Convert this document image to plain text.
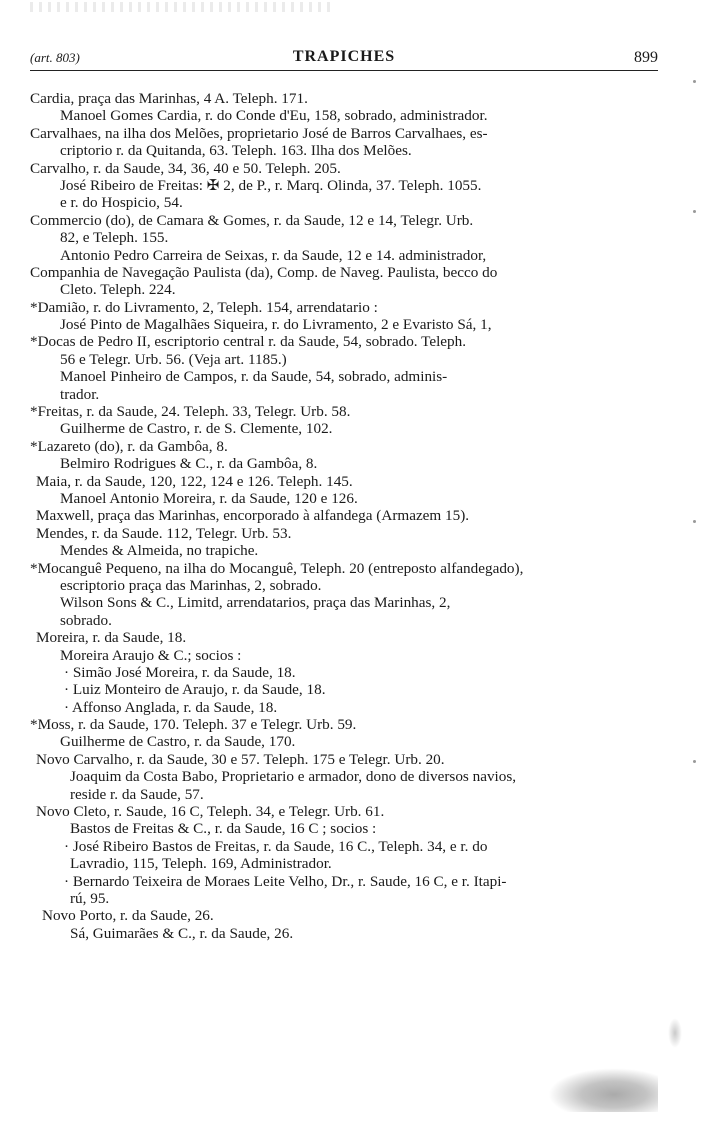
(art. 803)	TRAPICHES	899
Cardia, praça das Marinhas, 4 A. Teleph. 171.
Manoel Gomes Cardia, r. do Conde d'Eu, 158, sobrado, administrador.
Carvalhaes, na ilha dos Melões, proprietario José de Barros Carvalhaes, es-
criptorio r. da Quitanda, 63. Teleph. 163. Ilha dos Melões.
Carvalho, r. da Saude, 34, 36, 40 e 50. Teleph. 205.
José Ribeiro de Freitas: ✠ 2, de P., r. Marq. Olinda, 37. Teleph. 1055.
e r. do Hospicio, 54.
Commercio (do), de Camara & Gomes, r. da Saude, 12 e 14, Telegr. Urb.
82, e Teleph. 155.
Antonio Pedro Carreira de Seixas, r. da Saude, 12 e 14. administrador,
Companhia de Navegação Paulista (da), Comp. de Naveg. Paulista, becco do
Cleto. Teleph. 224.
*Damião, r. do Livramento, 2, Teleph. 154, arrendatario :
José Pinto de Magalhães Siqueira, r. do Livramento, 2 e Evaristo Sá, 1,
*Docas de Pedro II, escriptorio central r. da Saude, 54, sobrado. Teleph.
56 e Telegr. Urb. 56. (Veja art. 1185.)
Manoel Pinheiro de Campos, r. da Saude, 54, sobrado, adminis-
trador.
*Freitas, r. da Saude, 24. Teleph. 33, Telegr. Urb. 58.
Guilherme de Castro, r. de S. Clemente, 102.
*Lazareto (do), r. da Gambôa, 8.
Belmiro Rodrigues & C., r. da Gambôa, 8.
Maia, r. da Saude, 120, 122, 124 e 126. Teleph. 145.
Manoel Antonio Moreira, r. da Saude, 120 e 126.
Maxwell, praça das Marinhas, encorporado à alfandega (Armazem 15).
Mendes, r. da Saude. 112, Telegr. Urb. 53.
Mendes & Almeida, no trapiche.
*Mocanguê Pequeno, na ilha do Mocanguê, Teleph. 20 (entreposto alfandegado),
escriptorio praça das Marinhas, 2, sobrado.
Wilson Sons & C., Limitd, arrendatarios, praça das Marinhas, 2,
sobrado.
Moreira, r. da Saude, 18.
Moreira Araujo & C.; socios :
· Simão José Moreira, r. da Saude, 18.
· Luiz Monteiro de Araujo, r. da Saude, 18.
· Affonso Anglada, r. da Saude, 18.
*Moss, r. da Saude, 170. Teleph. 37 e Telegr. Urb. 59.
Guilherme de Castro, r. da Saude, 170.
Novo Carvalho, r. da Saude, 30 e 57. Teleph. 175 e Telegr. Urb. 20.
Joaquim da Costa Babo, Proprietario e armador, dono de diversos navios,
reside r. da Saude, 57.
Novo Cleto, r. Saude, 16 C, Teleph. 34, e Telegr. Urb. 61.
Bastos de Freitas & C., r. da Saude, 16 C ; socios :
· José Ribeiro Bastos de Freitas, r. da Saude, 16 C., Teleph. 34, e r. do
Lavradio, 115, Teleph. 169, Administrador.
· Bernardo Teixeira de Moraes Leite Velho, Dr., r. Saude, 16 C, e r. Itapi-
rú, 95.
Novo Porto, r. da Saude, 26.
Sá, Guimarães & C., r. da Saude, 26.
